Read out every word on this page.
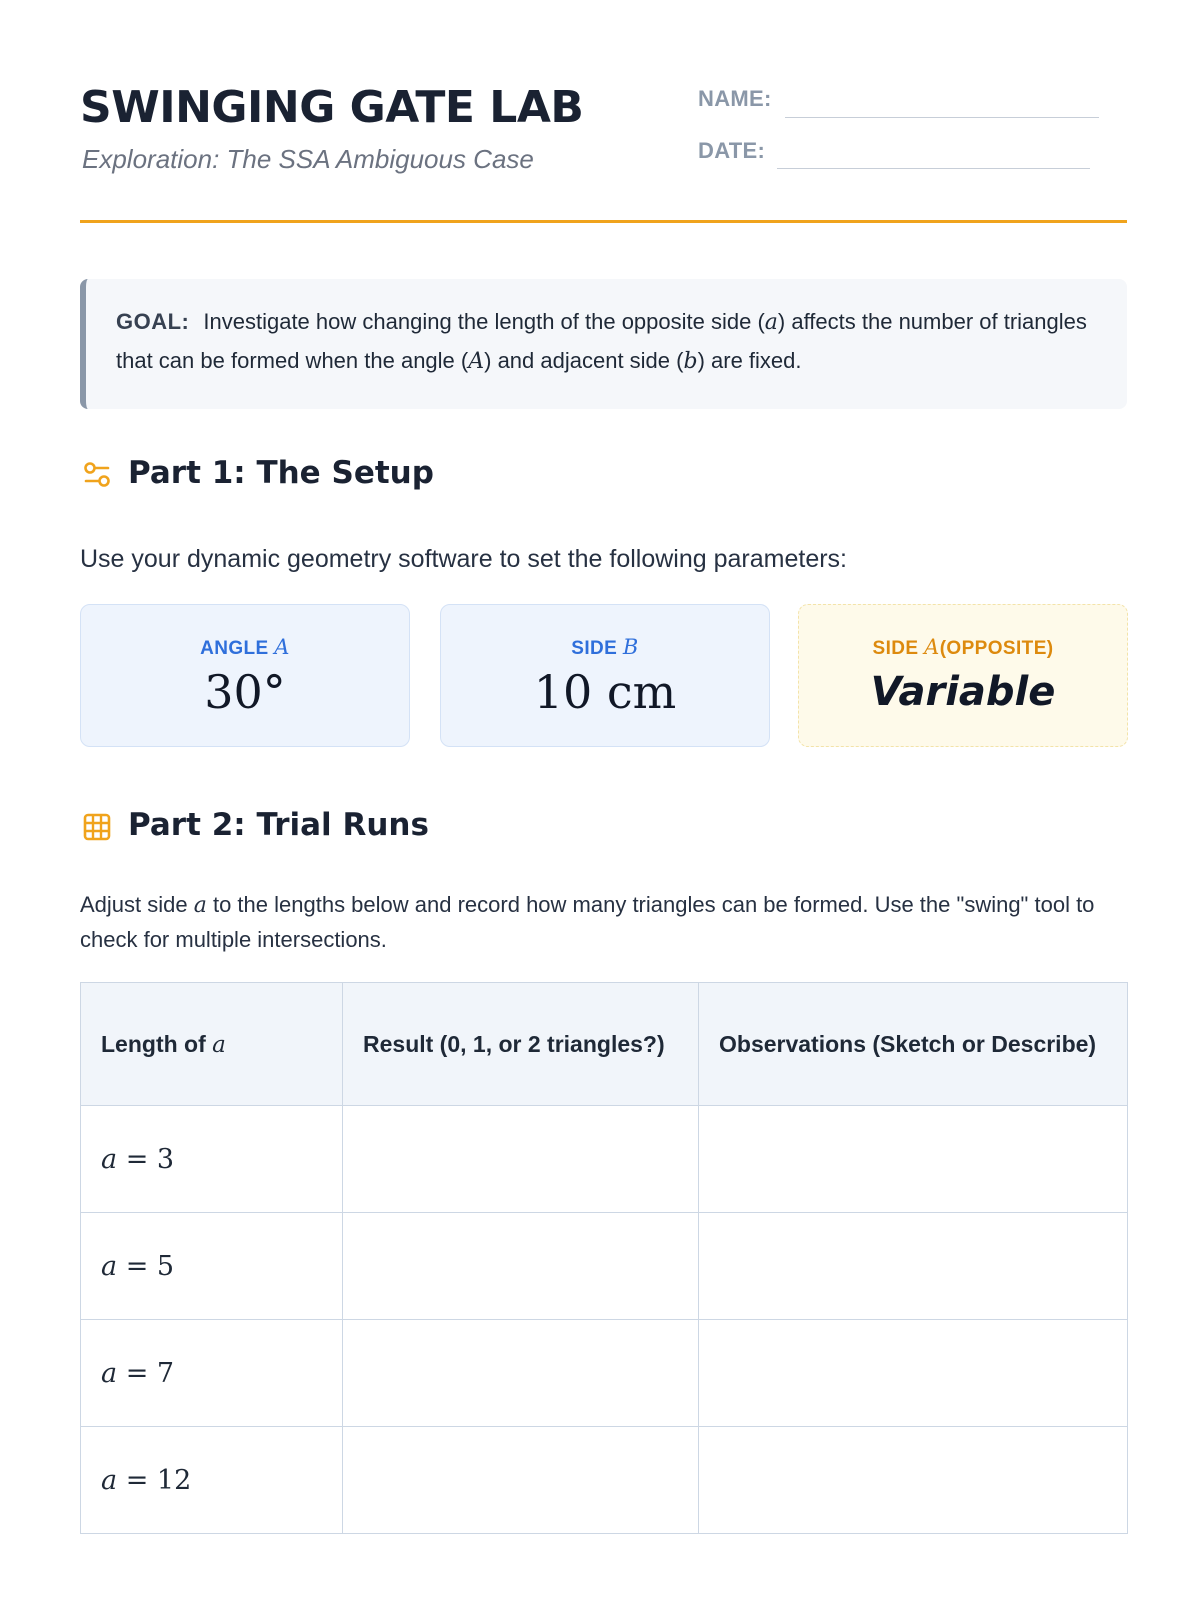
SWINGING GATE LAB
Exploration: The SSA Ambiguous Case
NAME:
DATE:
GOAL: Investigate how changing the length of the opposite side (a) affects the number of triangles that can be formed when the angle (A) and adjacent side (b) are fixed.
Part 1: The Setup
Use your dynamic geometry software to set the following parameters:
ANGLE A
30°
SIDE B
10 cm
SIDE A(OPPOSITE)
Variable
Part 2: Trial Runs
Adjust side a to the lengths below and record how many triangles can be formed. Use the "swing" tool to check for multiple intersections.
Length of a	Result (0, 1, or 2 triangles?)	Observations (Sketch or Describe)
a = 3		
a = 5		
a = 7		
a = 12		
